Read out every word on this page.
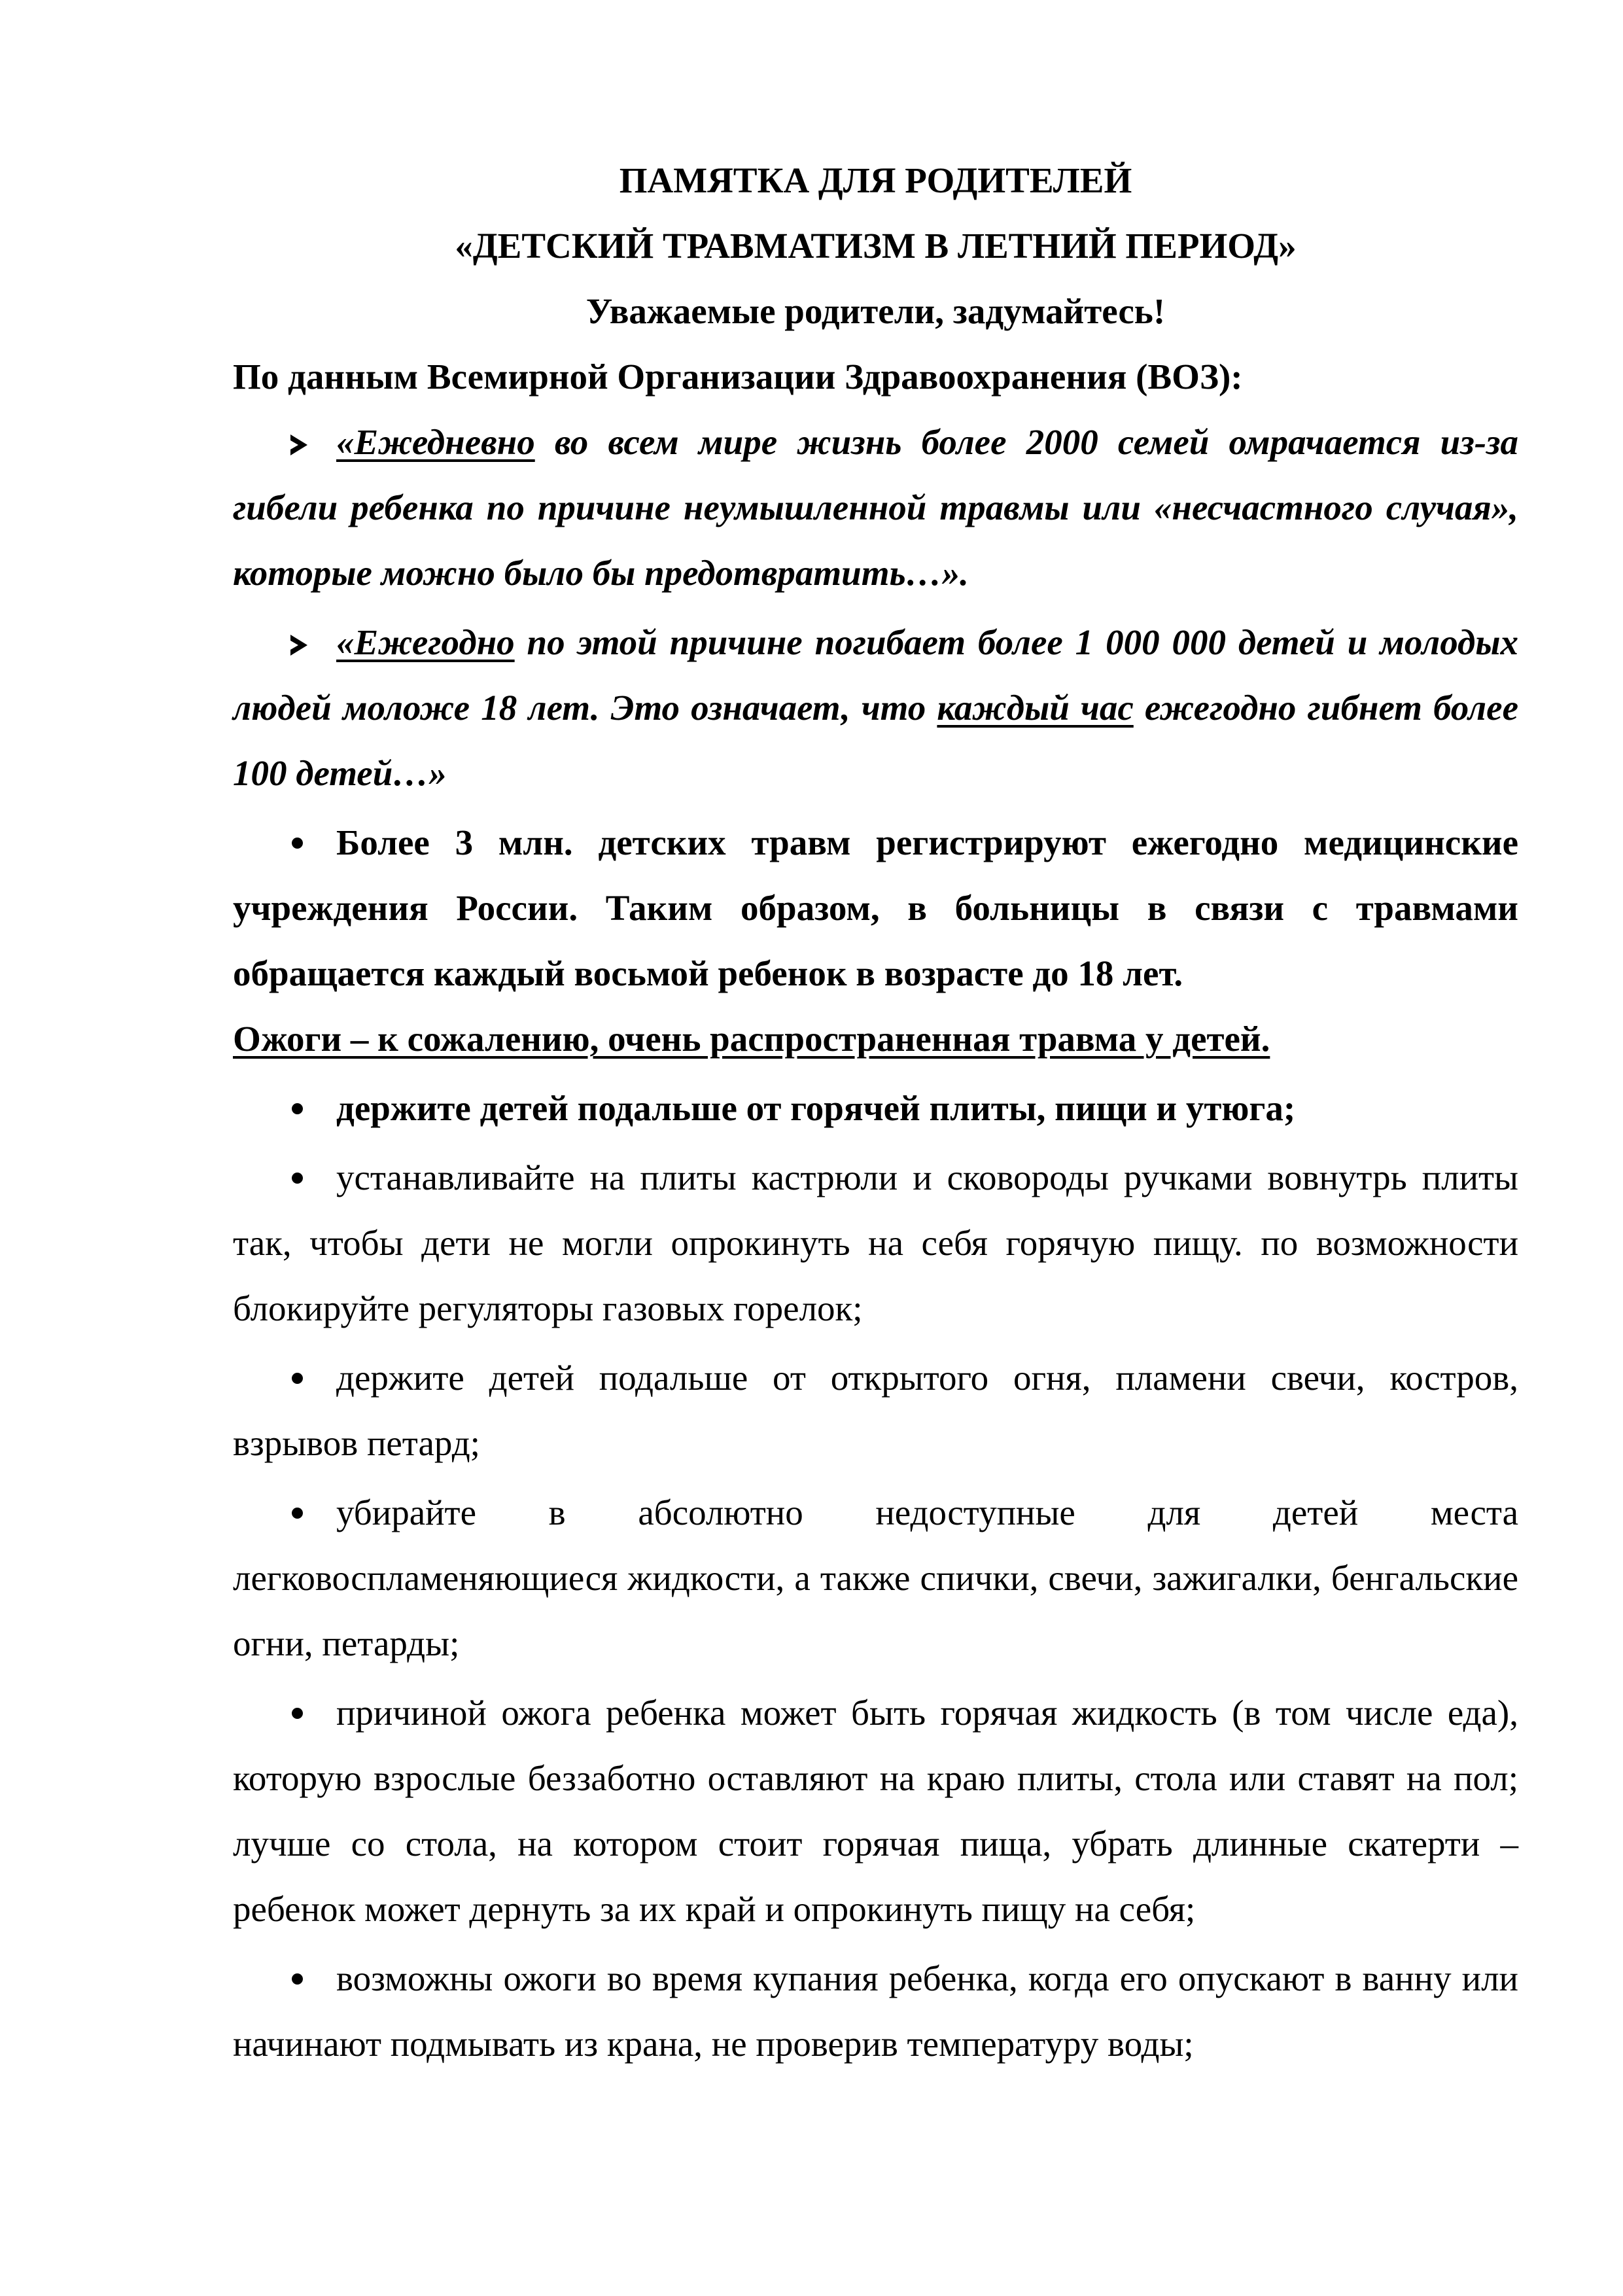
ПАМЯТКА ДЛЯ РОДИТЕЛЕЙ

«ДЕТСКИЙ ТРАВМАТИЗМ В ЛЕТНИЙ ПЕРИОД»

Уважаемые родители, задумайтесь!

По данным Всемирной Организации Здравоохранения (ВОЗ):

«Ежедневно во всем мире жизнь более 2000 семей омрачается из-за гибели ребенка по причине неумышленной травмы или «несчастного случая», которые можно было бы предотвратить…».

«Ежегодно по этой причине погибает более 1 000 000 детей и молодых людей моложе 18 лет. Это означает, что каждый час ежегодно гибнет более 100 детей…»

Более 3 млн. детских травм регистрируют ежегодно медицинские учреждения России. Таким образом, в больницы в связи с травмами обращается каждый восьмой ребенок в возрасте до 18 лет.

Ожоги – к сожалению, очень распространенная травма у детей.

держите детей подальше от горячей плиты, пищи и утюга;

устанавливайте на плиты кастрюли и сковороды ручками вовнутрь плиты так, чтобы дети не могли опрокинуть на себя горячую пищу. по возможности блокируйте регуляторы газовых горелок;

держите детей подальше от открытого огня, пламени свечи, костров, взрывов петард;

убирайте в абсолютно недоступные для детей места легковоспламеняющиеся жидкости, а также спички, свечи, зажигалки, бенгальские огни, петарды;

причиной ожога ребенка может быть горячая жидкость (в том числе еда), которую взрослые беззаботно оставляют на краю плиты, стола или ставят на пол; лучше со стола, на котором стоит горячая пища, убрать длинные скатерти – ребенок может дернуть за их край и опрокинуть пищу на себя;

возможны ожоги во время купания ребенка, когда его опускают в ванну или начинают подмывать из крана, не проверив температуру воды;
